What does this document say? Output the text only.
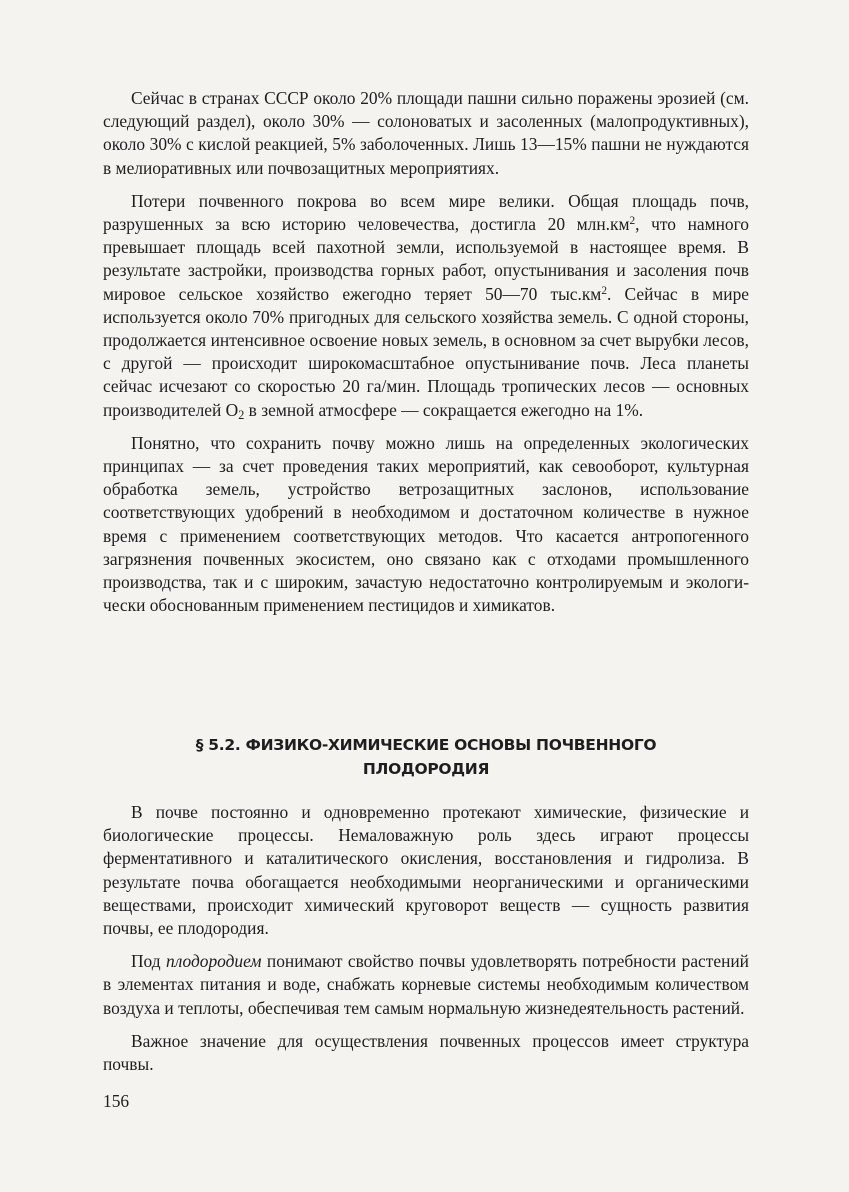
Сейчас в странах СССР около 20% площади пашни сильно поражены эрозией (см. следующий раздел), около 30% — солоноватых и засоленных (малопродуктивных), около 30% с кислой реакцией, 5% заболоченных. Лишь 13—15% пашни не нуждаются в мелиоративных или почвозащитных мероприятиях.

Потери почвенного покрова во всем мире велики. Общая площадь почв, разрушенных за всю историю человечества, достигла 20 $млн.км^2$, что намного превышает площадь всей пахотной земли, используемой в настоящее время. В результате застройки, производства горных работ, опустынивания и засоления почв мировое сельское хозяйство ежегодно теряет 50—70 $тыс.км^2$. Сейчас в мире используется около 70% пригодных для сельского хозяйства земель. С одной стороны, продолжается интенсивное освоение новых земель, в основном за счет вырубки лесов, с другой — происходит широкомасштабное опустынивание почв. Леса планеты сейчас исчезают со скоростью 20 га/мин. Площадь тропических лесов — основных производителей $O_2$ в земной атмосфере — сокращается ежегодно на 1%.

Понятно, что сохранить почву можно лишь на определенных экологических принципах — за счет проведения таких мероприятий, как севооборот, культурная обработка земель, устройство ветрозащитных заслонов, использование соответствующих удобрений в необходимом и достаточном количестве в нужное время с применением соответствующих методов. Что касается антропогенного загрязнения почвенных экосистем, оно связано как с отходами промышленного производства, так и с широким, зачастую недостаточно контролируемым и экологически обоснованным применением пестицидов и химикатов.

§ 5.2. ФИЗИКО-ХИМИЧЕСКИЕ ОСНОВЫ ПОЧВЕННОГО
ПЛОДОРОДИЯ

В почве постоянно и одновременно протекают химические, физические и биологические процессы. Немаловажную роль здесь играют процессы ферментативного и каталитического окисления, восстановления и гидролиза. В результате почва обогащается необходимыми неорганическими и органическими веществами, происходит химический круговорот веществ — сущность развития почвы, ее плодородия.

Под плодородием понимают свойство почвы удовлетворять потребности растений в элементах питания и воде, снабжать корневые системы необходимым количеством воздуха и теплоты, обеспечивая тем самым нормальную жизнедеятельность растений.

Важное значение для осуществления почвенных процессов имеет структура почвы.

156
